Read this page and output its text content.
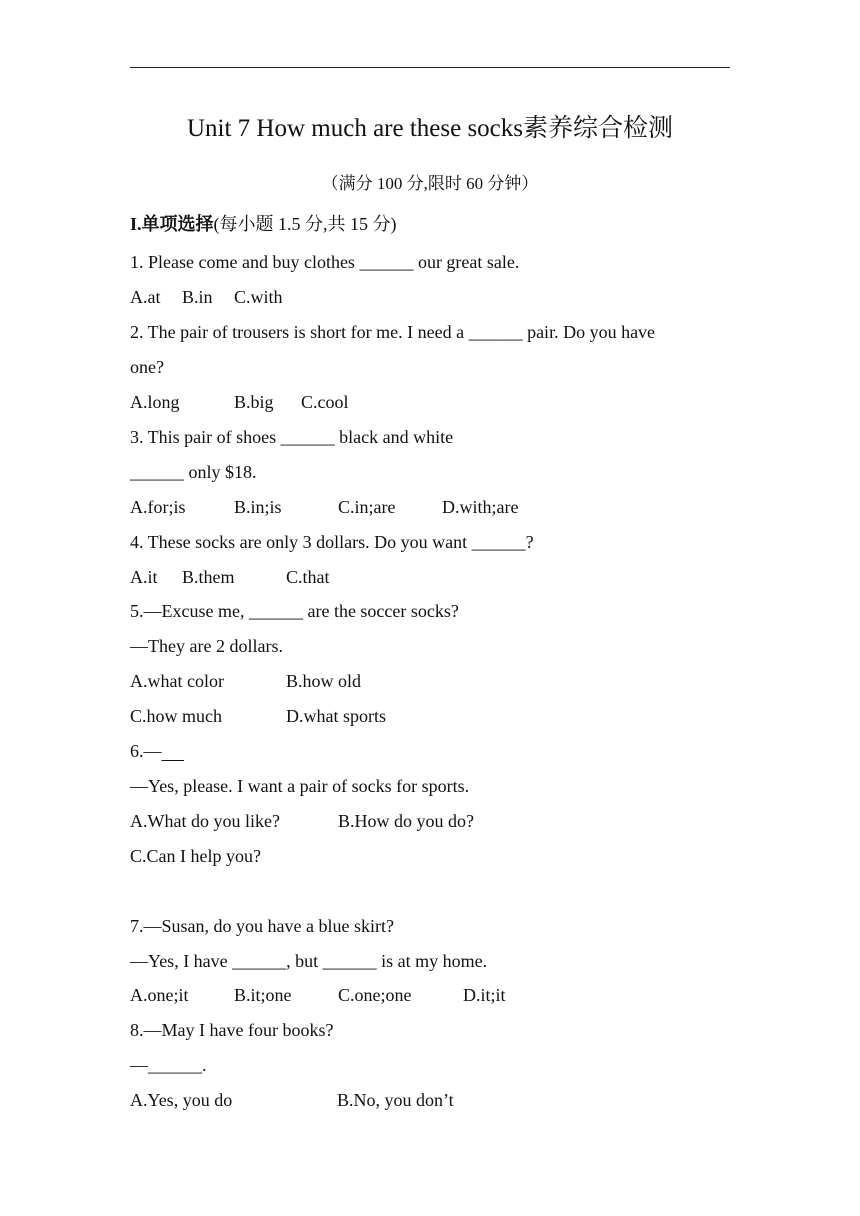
Unit 7 How much are these socks素养综合检测
（满分 100 分,限时 60 分钟）
I.单项选择(每小题 1.5 分,共 15 分)
1. Please come and buy clothes ______ our great sale.
A.at B.in C.with
2. The pair of trousers is short for me. I need a ______ pair. Do you have
one?
A.long	B.big C.cool
3. This pair of shoes ______ black and white
______ only $18.
A.for;is	B.in;is	C.in;are	D.with;are
4. These socks are only 3 dollars. Do you want ______?
A.it B.them	C.that
5.—Excuse me, ______ are the soccer socks?
—They are 2 dollars.
A.what color	B.how old
C.how much	D.what sports
6.—
—Yes, please. I want a pair of socks for sports.
A.What do you like?	B.How do you do?
C.Can I help you?
7.—Susan, do you have a blue skirt?
—Yes, I have ______, but ______ is at my home.
A.one;it	B.it;one	C.one;one	D.it;it
8.—May I have four books?
—______.
A.Yes, you do	B.No, you don’t
